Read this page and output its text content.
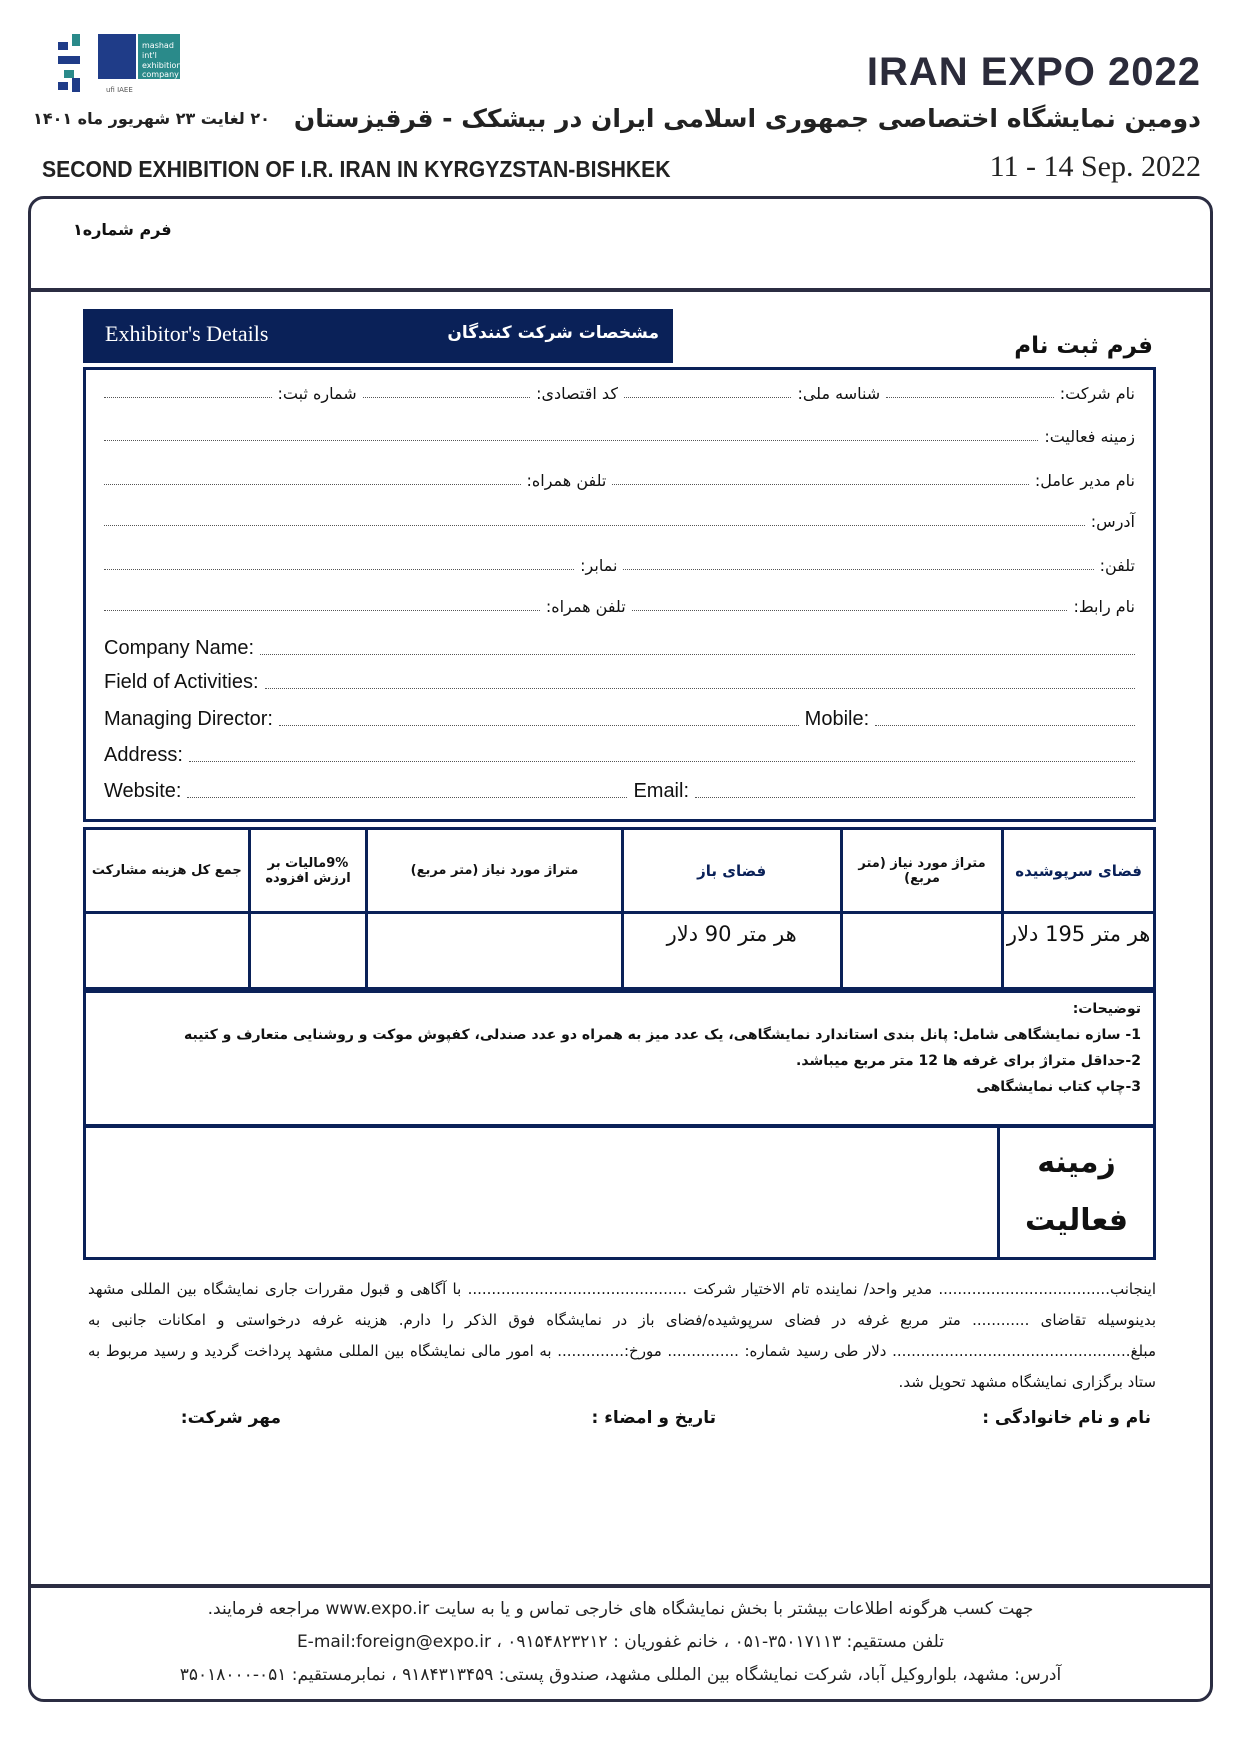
mashad
int'l
exhibition
company
ufi IAEE	IRAN EXPO 2022
دومین نمایشگاه اختصاصی جمهوری اسلامی ایران در بیشکک - قرقیزستان
۲۰ لغایت ۲۳ شهریور ماه ۱۴۰۱
SECOND EXHIBITION OF I.R. IRAN IN KYRGYZSTAN-BISHKEK	11 - 14 Sep. 2022
فرم شماره۱
Exhibitor's Details	مشخصات شرکت کنندگان	فرم ثبت نام
نام شرکت:
شناسه ملی:
کد اقتصادی:
شماره ثبت:
زمینه فعالیت:
نام مدیر عامل:
تلفن همراه:
آدرس:
تلفن:
نمابر:
نام رابط:
تلفن همراه:
Company Name:
Field of Activities:
Managing Director:	Mobile:
Address:
Website:	Email:
فضای سرپوشیده	متراژ مورد نیاز (متر مربع)	فضای باز	متراژ مورد نیاز (متر مربع)	9%مالیات بر ارزش افزوده	جمع کل هزینه مشارکت
هر متر 195 دلار		هر متر 90 دلار			
توضیحات:
1- سازه نمایشگاهی شامل: پانل بندی استاندارد نمایشگاهی، یک عدد میز به همراه دو عدد صندلی، کفپوش موکت و روشنایی متعارف و کتیبه
2-حداقل متراژ برای غرفه ها 12 متر مربع میباشد.
3-چاپ کتاب نمایشگاهی
زمینه فعالیت
اینجانب.................................... مدیر واحد/ نماینده تام الاختیار شرکت .............................................. با آگاهی و قبول مقررات جاری نمایشگاه بین المللی مشهد بدینوسیله تقاضای ............ متر مربع غرفه در فضای سرپوشیده/فضای باز در نمایشگاه فوق الذکر را دارم. هزینه غرفه درخواستی و امکانات جانبی به مبلغ.................................................. دلار طی رسید شماره: ............... مورخ:.............. به امور مالی نمایشگاه بین المللی مشهد پرداخت گردید و رسید مربوط به ستاد برگزاری نمایشگاه مشهد تحویل شد.
نام و نام خانوادگی :
تاریخ و امضاء :
مهر شرکت:
جهت کسب هرگونه اطلاعات بیشتر با بخش نمایشگاه های خارجی تماس و یا به سایت www.expo.ir مراجعه فرمایند.
تلفن مستقیم: ۳۵۰۱۷۱۱۳-۰۵۱ ، خانم غفوریان : ۰۹۱۵۴۸۲۳۲۱۲ ، E-mail:foreign@expo.ir
آدرس: مشهد، بلواروکیل آباد، شرکت نمایشگاه بین المللی مشهد، صندوق پستی: ۹۱۸۴۳۱۳۴۵۹ ، نمابرمستقیم: ۰۵۱-۳۵۰۱۸۰۰۰
